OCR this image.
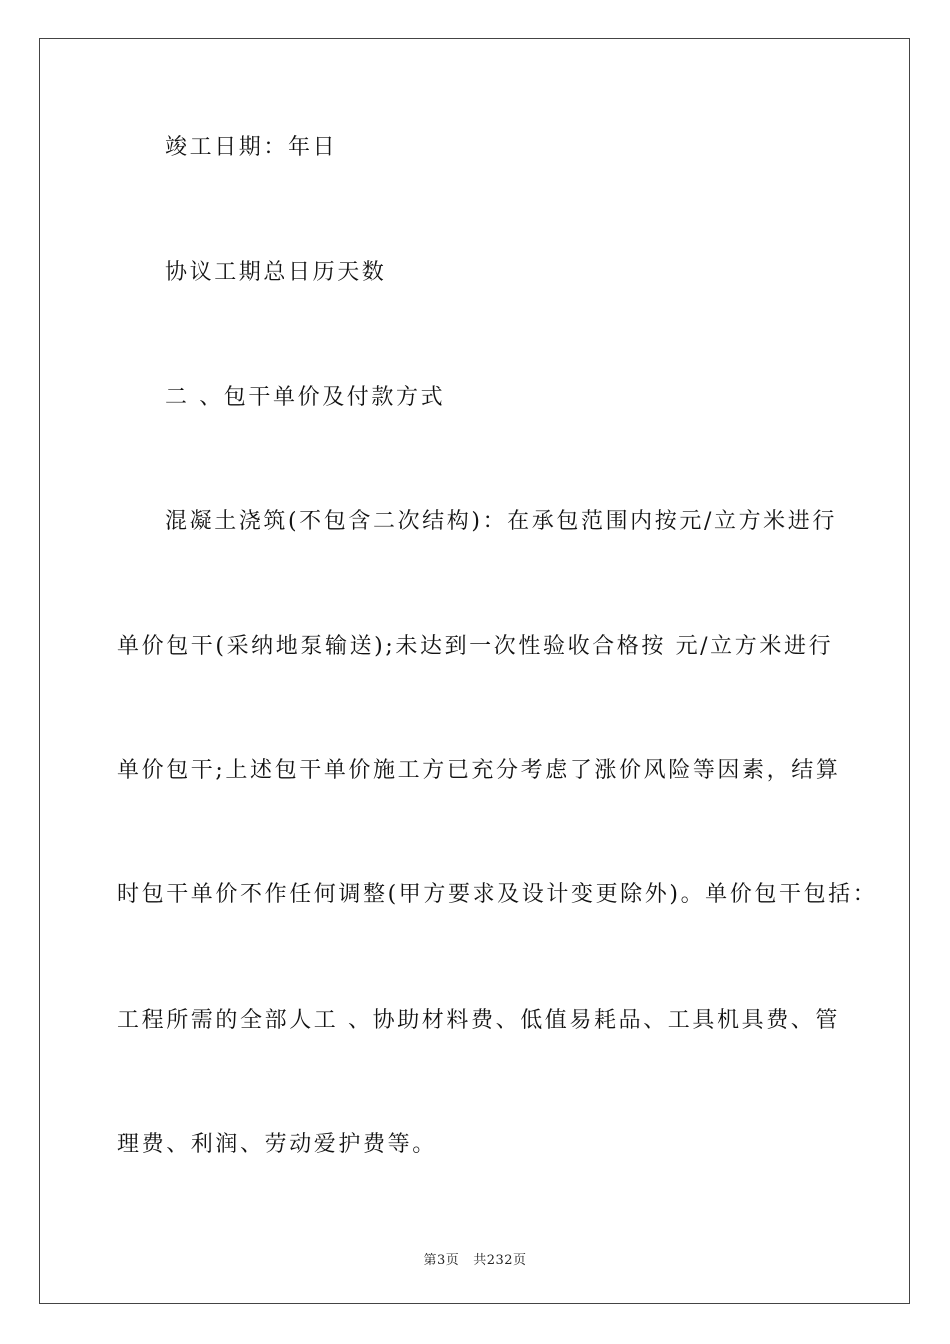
竣工日期：年日
协议工期总日历天数
二 、包干单价及付款方式
混凝土浇筑(不包含二次结构)：在承包范围内按元/立方米进行
单价包干(采纳地泵输送);未达到一次性验收合格按 元/立方米进行
单价包干;上述包干单价施工方已充分考虑了涨价风险等因素，结算
时包干单价不作任何调整(甲方要求及设计变更除外)。单价包干包括：
工程所需的全部人工 、协助材料费、低值易耗品、工具机具费、管
理费、利润、劳动爱护费等。
第3页 共232页
